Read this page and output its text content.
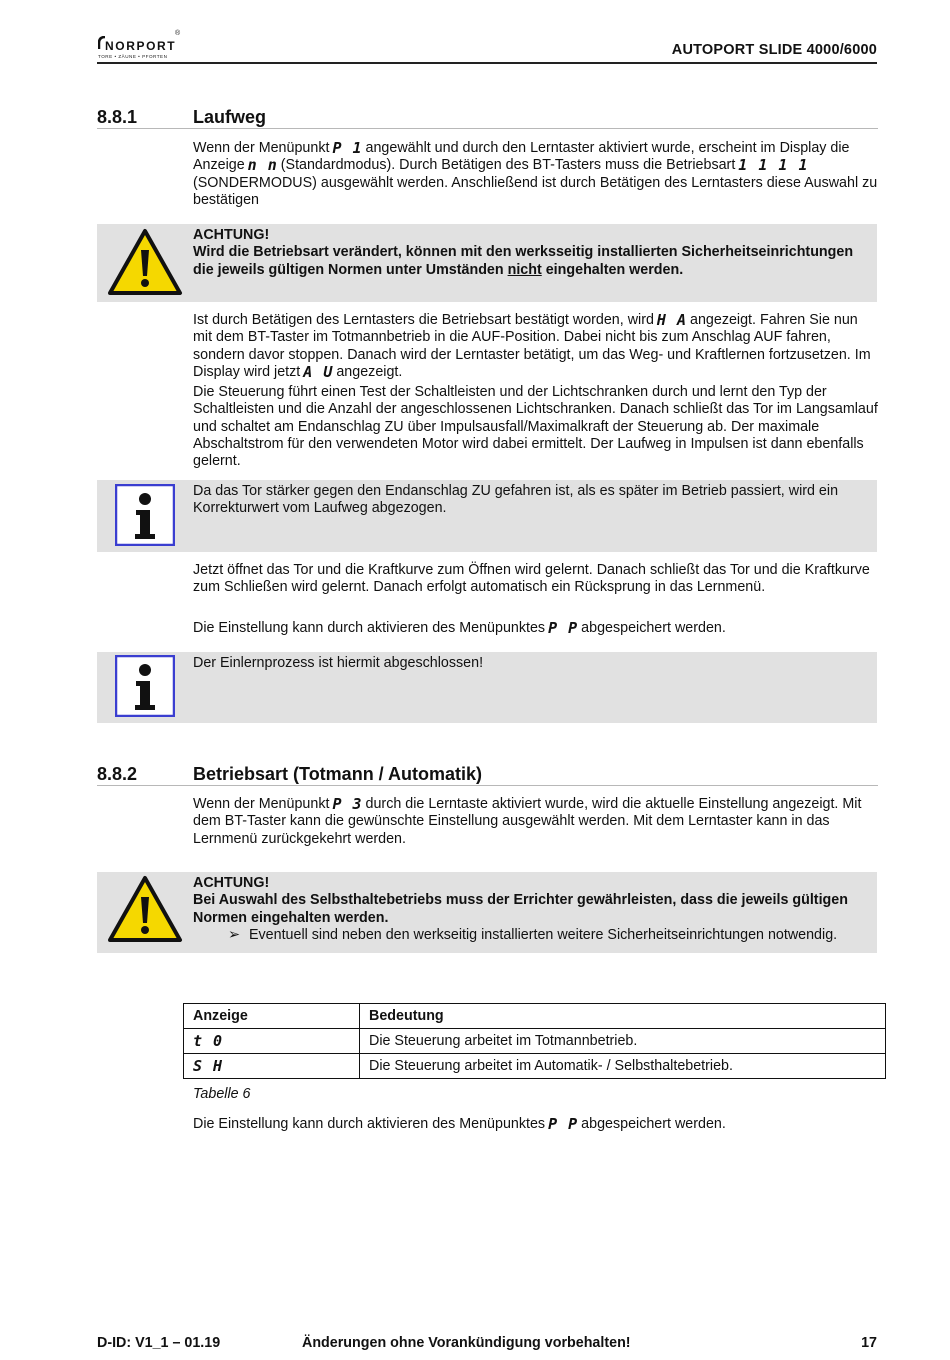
NORPORT
TORE • ZÄUNE • PFORTEN
®
AUTOPORT SLIDE 4000/6000
8.8.1	Laufweg

Wenn der Menüpunkt P 1 angewählt und durch den Lerntaster aktiviert wurde, erscheint im Display die Anzeige n n (Standardmodus). Durch Betätigen des BT-Tasters muss die Betriebsart 1 1 1 1(SONDERMODUS) ausgewählt werden. Anschließend ist durch Betätigen des Lerntasters diese Auswahl zu bestätigen

ACHTUNG!
Wird die Betriebsart verändert, können mit den werksseitig installierten Sicherheitseinrichtungen die jeweils gültigen Normen unter Umständen nicht eingehalten werden.

Ist durch Betätigen des Lerntasters die Betriebsart bestätigt worden, wird H A angezeigt. Fahren Sie nun mit dem BT-Taster im Totmannbetrieb in die AUF-Position. Dabei nicht bis zum Anschlag AUF fahren, sondern davor stoppen. Danach wird der Lerntaster betätigt, um das Weg- und Kraftlernen fortzusetzen. Im Display wird jetzt A U angezeigt.

Die Steuerung führt einen Test der Schaltleisten und der Lichtschranken durch und lernt den Typ der Schaltleisten und die Anzahl der angeschlossenen Lichtschranken. Danach schließt das Tor im Langsamlauf und schaltet am Endanschlag ZU über Impulsausfall/Maximalkraft der Steuerung ab. Der maximale Abschaltstrom für den verwendeten Motor wird dabei ermittelt. Der Laufweg in Impulsen ist dann ebenfalls gelernt.

Da das Tor stärker gegen den Endanschlag ZU gefahren ist, als es später im Betrieb passiert, wird ein Korrekturwert vom Laufweg abgezogen.

Jetzt öffnet das Tor und die Kraftkurve zum Öffnen wird gelernt. Danach schließt das Tor und die Kraftkurve zum Schließen wird gelernt. Danach erfolgt automatisch ein Rücksprung in das Lernmenü.

Die Einstellung kann durch aktivieren des Menüpunktes P P abgespeichert werden.

Der Einlernprozess ist hiermit abgeschlossen!
8.8.2	Betriebsart (Totmann / Automatik)

Wenn der Menüpunkt P 3 durch die Lerntaste aktiviert wurde, wird die aktuelle Einstellung angezeigt. Mit dem BT-Taster kann die gewünschte Einstellung ausgewählt werden. Mit dem Lerntaster kann in das Lernmenü zurückgekehrt werden.

ACHTUNG!
Bei Auswahl des Selbsthaltebetriebs muss der Errichter gewährleisten, dass die jeweils gültigen Normen eingehalten werden.
➢ Eventuell sind neben den werkseitig installierten weitere Sicherheitseinrichtungen notwendig.
Anzeige	Bedeutung
t 0	Die Steuerung arbeitet im Totmannbetrieb.
S H	Die Steuerung arbeitet im Automatik- / Selbsthaltebetrieb.
Tabelle 6

Die Einstellung kann durch aktivieren des Menüpunktes P P abgespeichert werden.

D-ID: V1_1 – 01.19	Änderungen ohne Vorankündigung vorbehalten!	17
